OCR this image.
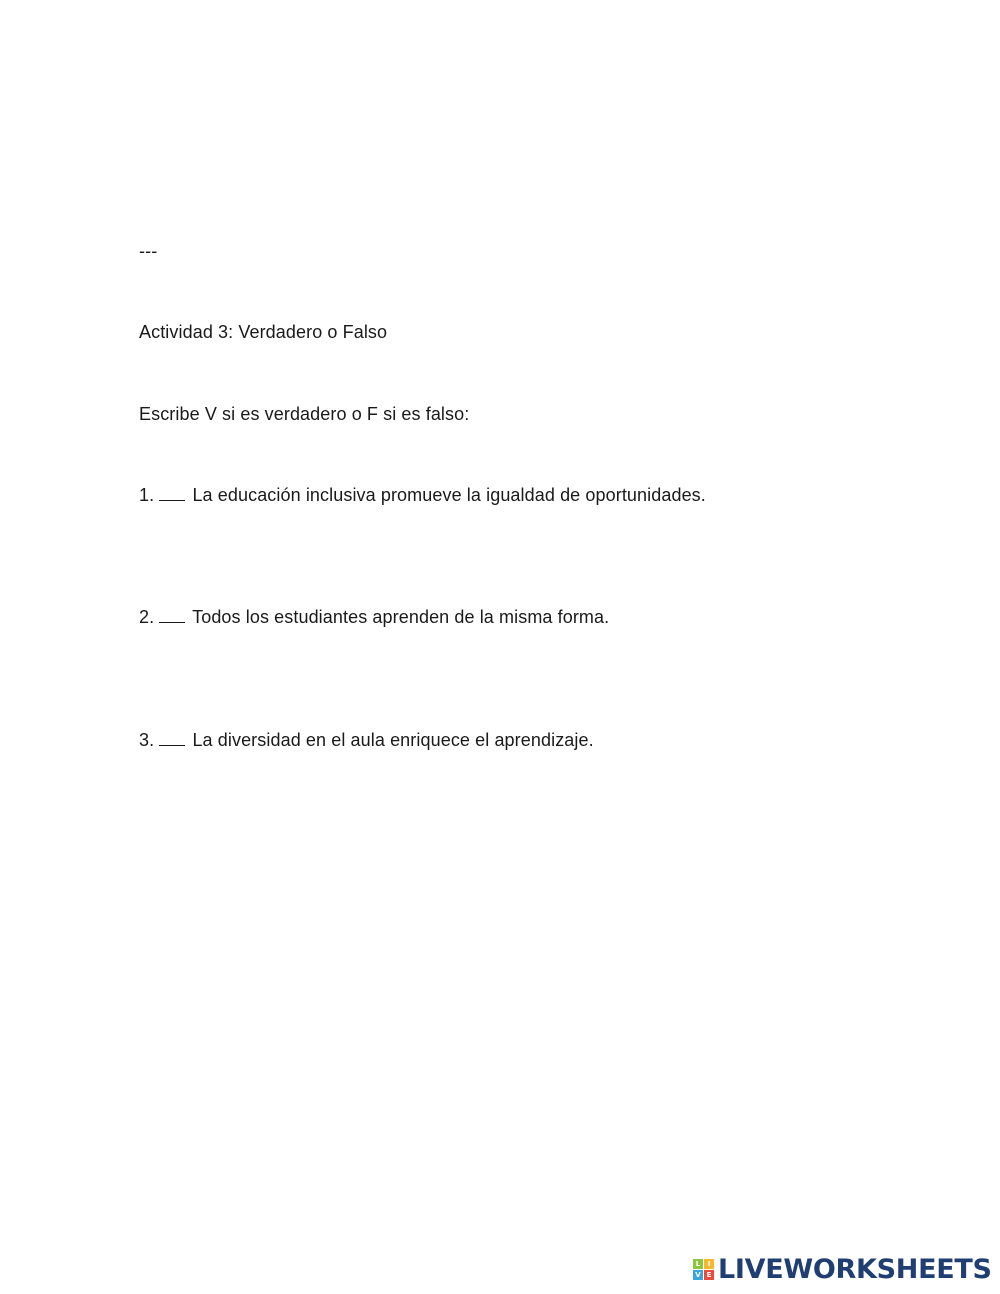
---
Actividad 3: Verdadero o Falso
Escribe V si es verdadero o F si es falso:
1. La educación inclusiva promueve la igualdad de oportunidades.
2. Todos los estudiantes aprenden de la misma forma.
3. La diversidad en el aula enriquece el aprendizaje.
L	I
V E LIVEWORKSHEETS
